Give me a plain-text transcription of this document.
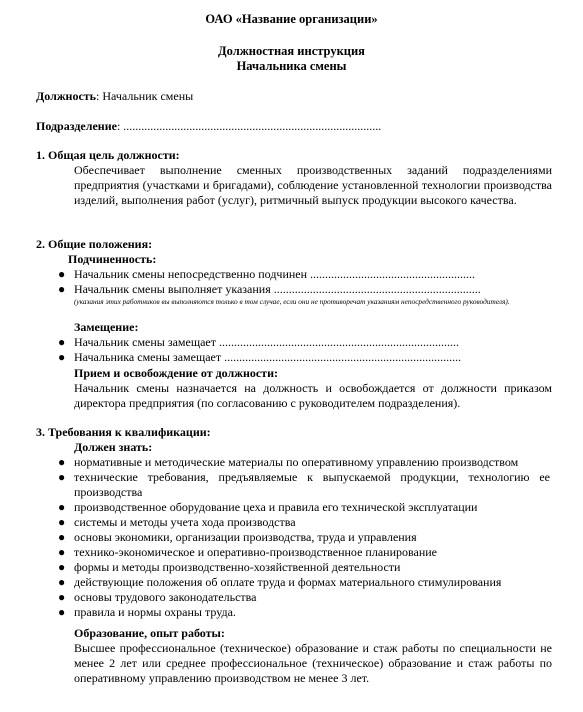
ОАО «Название организации»
Должностная инструкция
Начальника смены
Должность: Начальник смены
Подразделение: ......................................................................................
1. Общая цель должности:
Обеспечивает выполнение сменных производственных заданий подразделениями предприятия (участками и бригадами), соблюдение установленной технологии производства изделий, выполнения работ (услуг), ритмичный выпуск продукции высокого качества.
2. Общие положения:
Подчиненность:
● Начальник смены непосредственно подчинен .......................................................
● Начальник смены выполняет указания .....................................................................
(указания этих работников вы выполняются только в том случае, если они не противоречат указаниям непосредственного руководителя).
Замещение:
● Начальник смены замещает ................................................................................
● Начальника смены замещает ...............................................................................
Прием и освобождение от должности:
Начальник смены назначается на должность и освобождается от должности приказом директора предприятия (по согласованию с руководителем подразделения).
3. Требования к квалификации:
Должен знать:
● нормативные и методические материалы по оперативному управлению производством
● технические требования, предъявляемые к выпускаемой продукции, технологию ее производства
● производственное оборудование цеха и правила его технической эксплуатации
● системы и методы учета хода производства
● основы экономики, организации производства, труда и управления
● технико-экономическое и оперативно-производственное планирование
● формы и методы производственно-хозяйственной деятельности
● действующие положения об оплате труда и формах материального стимулирования
● основы трудового законодательства
● правила и нормы охраны труда.
Образование, опыт работы:
Высшее профессиональное (техническое) образование и стаж работы по специальности не менее 2 лет или среднее профессиональное (техническое) образование и стаж работы по оперативному управлению производством не менее 3 лет.
